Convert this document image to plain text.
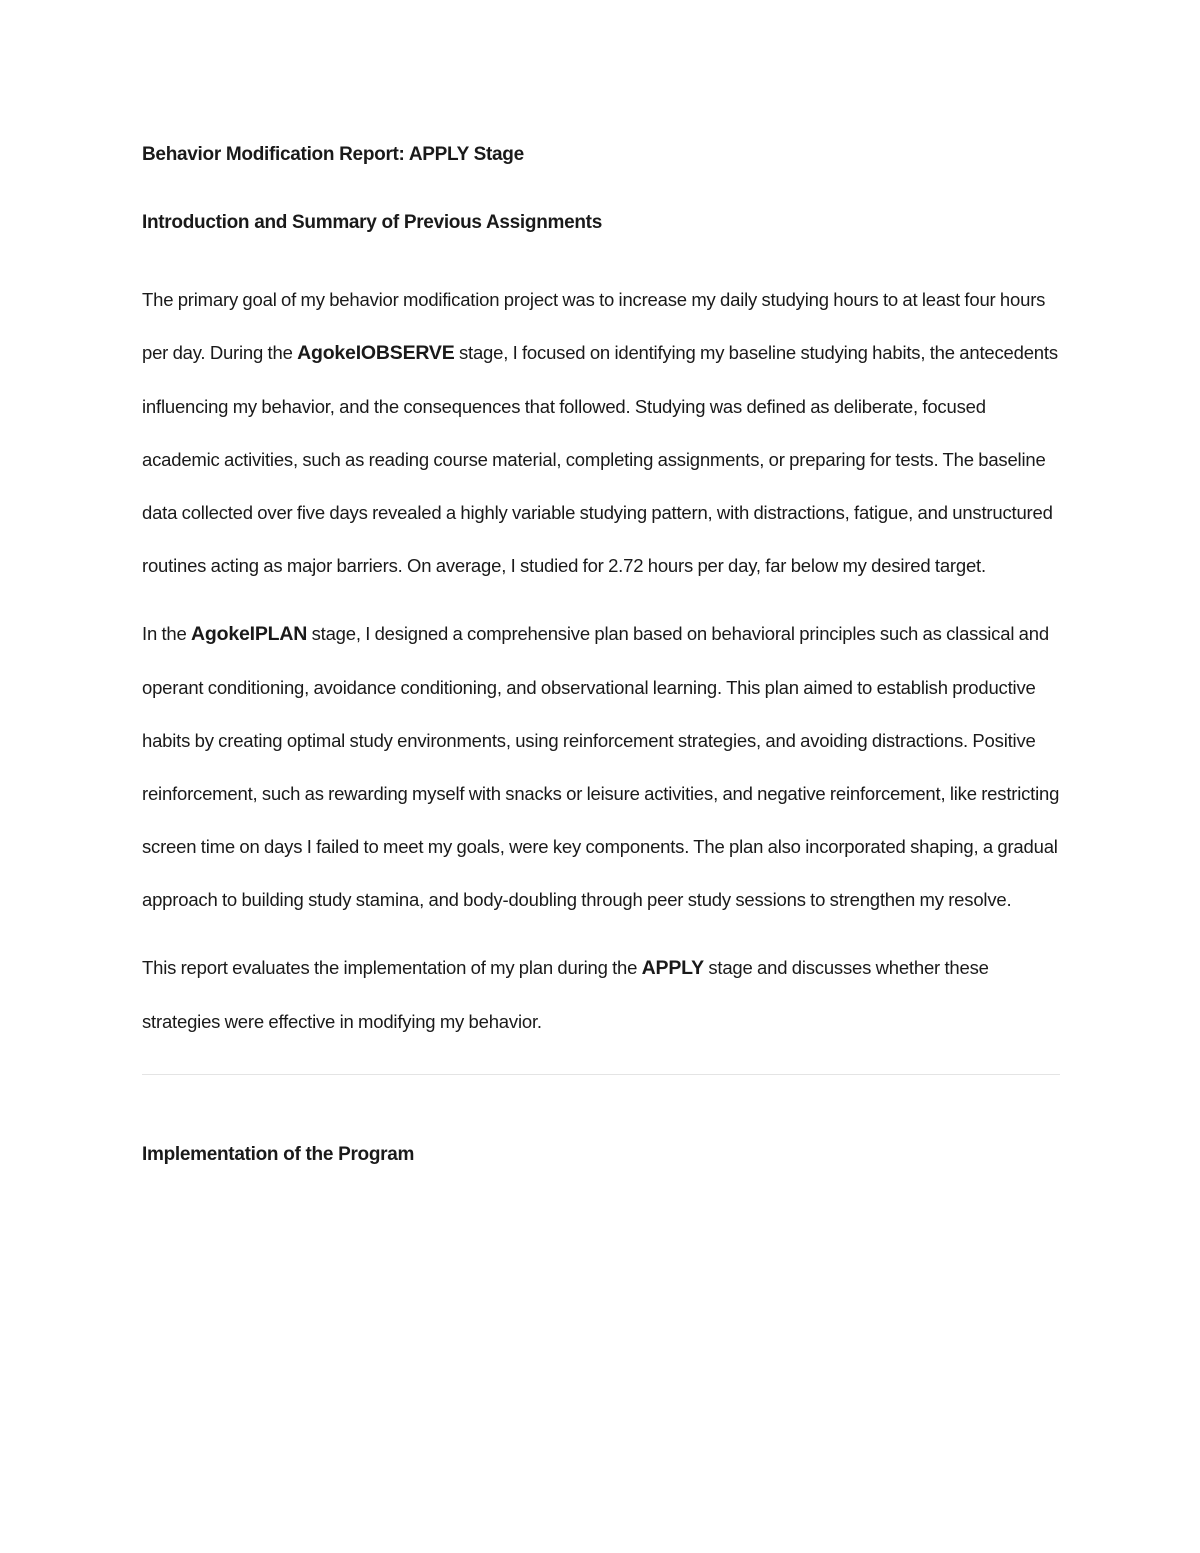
Behavior Modification Report: APPLY Stage
Introduction and Summary of Previous Assignments

The primary goal of my behavior modification project was to increase my daily studying hours to at least four hours per day. During the AgokeIOBSERVE stage, I focused on identifying my baseline studying habits, the antecedents influencing my behavior, and the consequences that followed. Studying was defined as deliberate, focused academic activities, such as reading course material, completing assignments, or preparing for tests. The baseline data collected over five days revealed a highly variable studying pattern, with distractions, fatigue, and unstructured routines acting as major barriers. On average, I studied for 2.72 hours per day, far below my desired target.

In the AgokeIPLAN stage, I designed a comprehensive plan based on behavioral principles such as classical and operant conditioning, avoidance conditioning, and observational learning. This plan aimed to establish productive habits by creating optimal study environments, using reinforcement strategies, and avoiding distractions. Positive reinforcement, such as rewarding myself with snacks or leisure activities, and negative reinforcement, like restricting screen time on days I failed to meet my goals, were key components. The plan also incorporated shaping, a gradual approach to building study stamina, and body-doubling through peer study sessions to strengthen my resolve.

This report evaluates the implementation of my plan during the APPLY stage and discusses whether these strategies were effective in modifying my behavior.

Implementation of the Program
